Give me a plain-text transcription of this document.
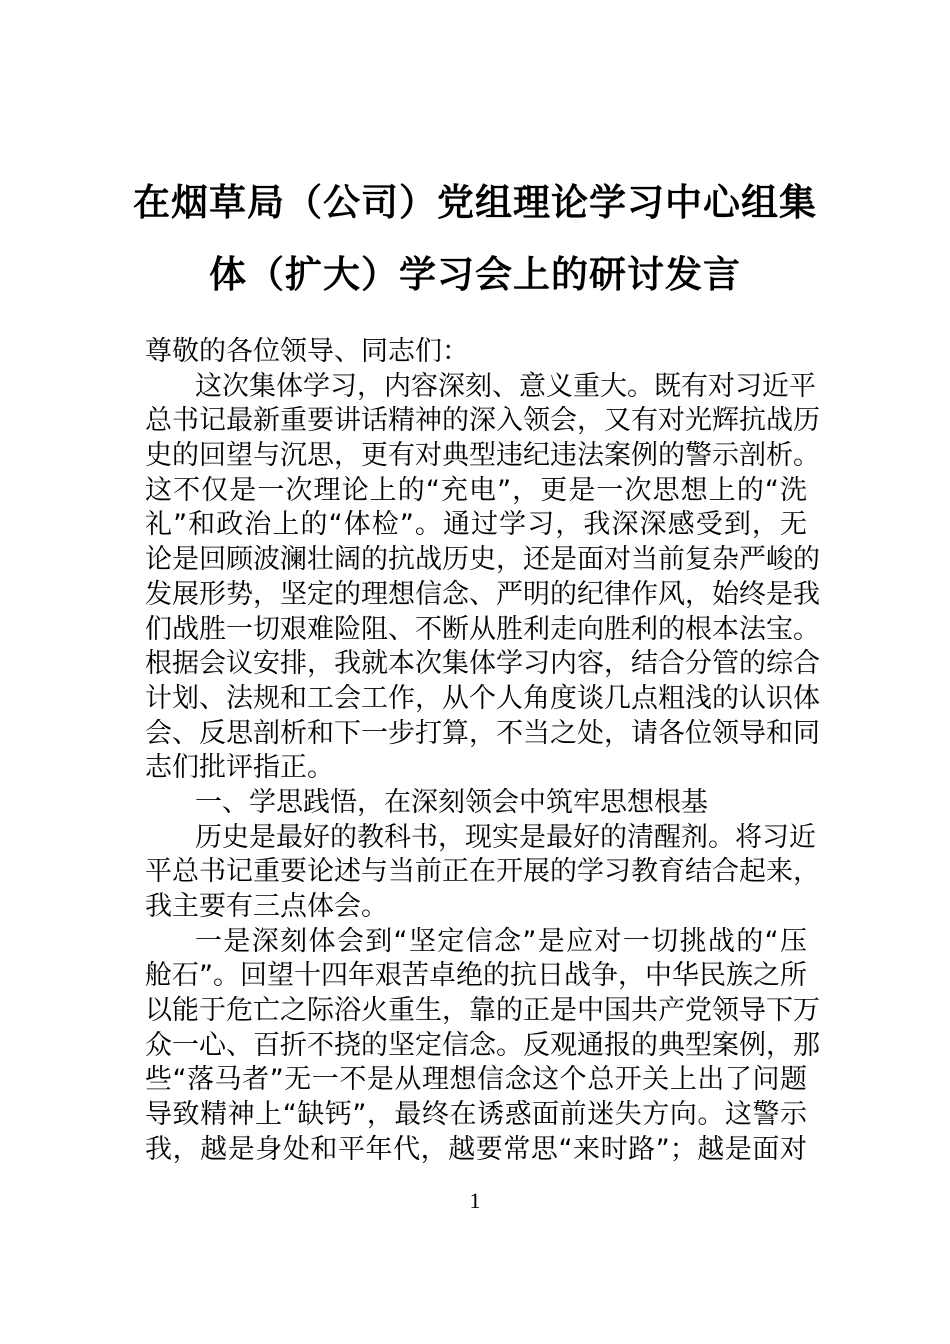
在烟草局（公司）党组理论学习中心组集
体（扩大）学习会上的研讨发言
尊敬的各位领导、同志们：
这次集体学习，内容深刻、意义重大。既有对习近平
总书记最新重要讲话精神的深入领会，又有对光辉抗战历
史的回望与沉思，更有对典型违纪违法案例的警示剖析。
这不仅是一次理论上的“充电”，更是一次思想上的“洗
礼”和政治上的“体检”。通过学习，我深深感受到，无
论是回顾波澜壮阔的抗战历史，还是面对当前复杂严峻的
发展形势，坚定的理想信念、严明的纪律作风，始终是我
们战胜一切艰难险阻、不断从胜利走向胜利的根本法宝。
根据会议安排，我就本次集体学习内容，结合分管的综合
计划、法规和工会工作，从个人角度谈几点粗浅的认识体
会、反思剖析和下一步打算，不当之处，请各位领导和同
志们批评指正。
一、学思践悟，在深刻领会中筑牢思想根基
历史是最好的教科书，现实是最好的清醒剂。将习近
平总书记重要论述与当前正在开展的学习教育结合起来，
我主要有三点体会。
一是深刻体会到“坚定信念”是应对一切挑战的“压
舱石”。回望十四年艰苦卓绝的抗日战争，中华民族之所
以能于危亡之际浴火重生，靠的正是中国共产党领导下万
众一心、百折不挠的坚定信念。反观通报的典型案例，那
些“落马者”无一不是从理想信念这个总开关上出了问题
导致精神上“缺钙”，最终在诱惑面前迷失方向。这警示
我，越是身处和平年代，越要常思“来时路”；越是面对
1
